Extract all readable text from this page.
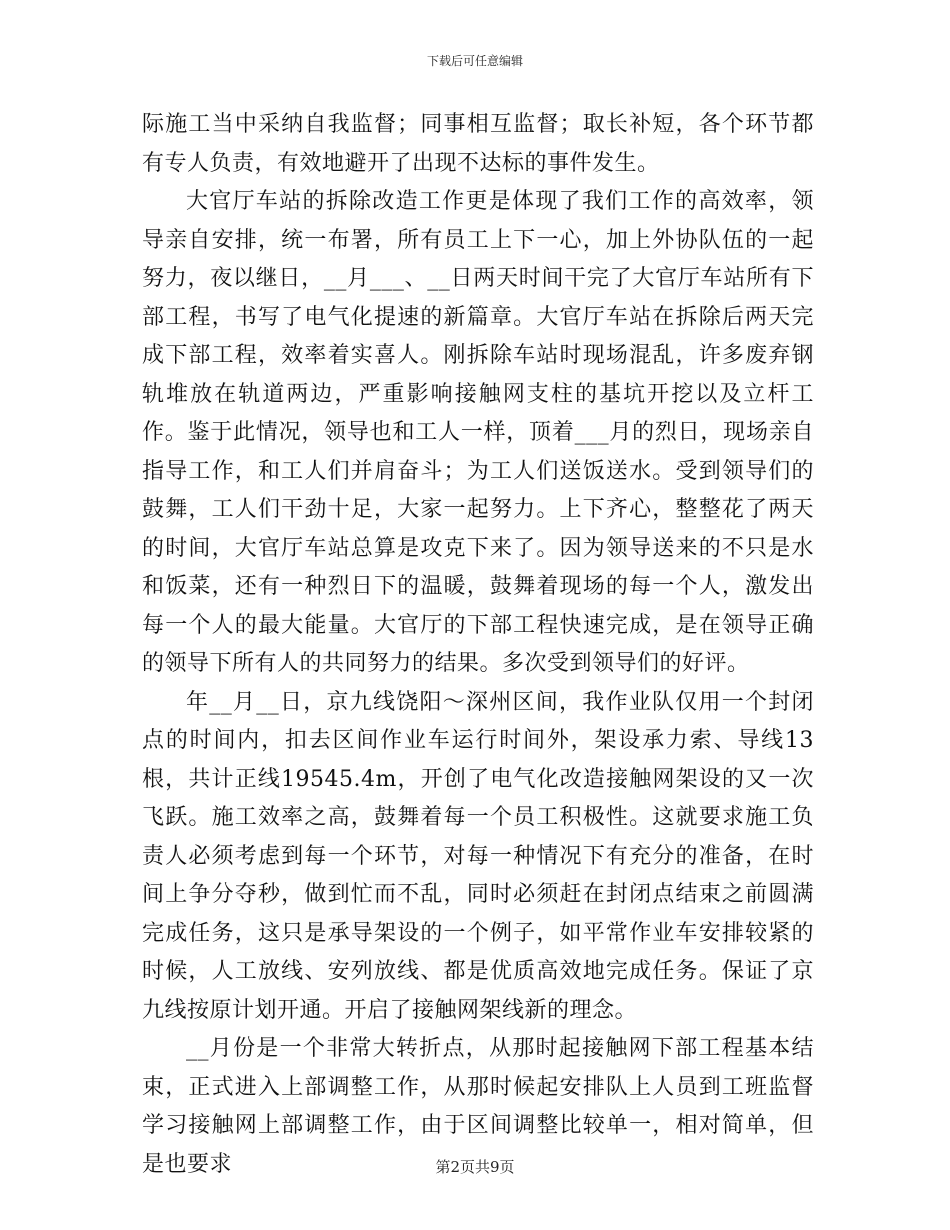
下载后可任意编辑

际施工当中采纳自我监督；同事相互监督；取长补短，各个环节都有专人负责，有效地避开了出现不达标的事件发生。

大官厅车站的拆除改造工作更是体现了我们工作的高效率，领导亲自安排，统一布署，所有员工上下一心，加上外协队伍的一起努力，夜以继日，__月___、__日两天时间干完了大官厅车站所有下部工程，书写了电气化提速的新篇章。大官厅车站在拆除后两天完成下部工程，效率着实喜人。刚拆除车站时现场混乱，许多废弃钢轨堆放在轨道两边，严重影响接触网支柱的基坑开挖以及立杆工作。鉴于此情况，领导也和工人一样，顶着___月的烈日，现场亲自指导工作，和工人们并肩奋斗；为工人们送饭送水。受到领导们的鼓舞，工人们干劲十足，大家一起努力。上下齐心，整整花了两天的时间，大官厅车站总算是攻克下来了。因为领导送来的不只是水和饭菜，还有一种烈日下的温暖，鼓舞着现场的每一个人，激发出每一个人的最大能量。大官厅的下部工程快速完成，是在领导正确的领导下所有人的共同努力的结果。多次受到领导们的好评。

年__月__日，京九线饶阳～深州区间，我作业队仅用一个封闭点的时间内，扣去区间作业车运行时间外，架设承力索、导线13根，共计正线19545.4m，开创了电气化改造接触网架设的又一次飞跃。施工效率之高，鼓舞着每一个员工积极性。这就要求施工负责人必须考虑到每一个环节，对每一种情况下有充分的准备，在时间上争分夺秒，做到忙而不乱，同时必须赶在封闭点结束之前圆满完成任务，这只是承导架设的一个例子，如平常作业车安排较紧的时候，人工放线、安列放线、都是优质高效地完成任务。保证了京九线按原计划开通。开启了接触网架线新的理念。

__月份是一个非常大转折点，从那时起接触网下部工程基本结束，正式进入上部调整工作，从那时候起安排队上人员到工班监督学习接触网上部调整工作，由于区间调整比较单一，相对简单，但是也要求	第2页共9页
